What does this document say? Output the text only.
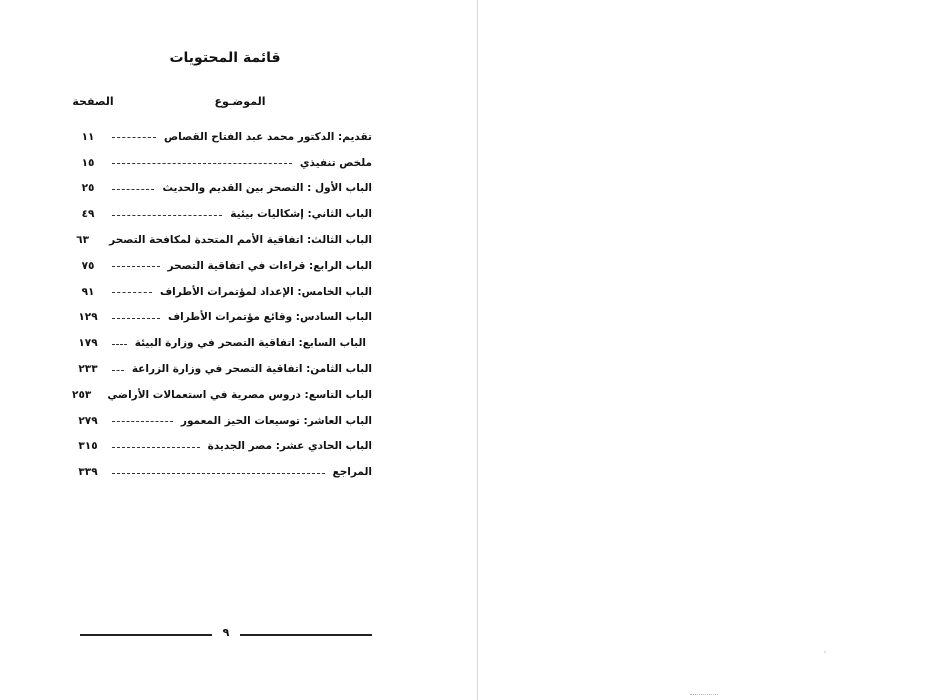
قائمة المحتويات
الموضـوع
الصفحة
تقديم: الدكتور محمد عبد الفتاح القصاص
١١
ملخص تنفيذي
١٥
الباب الأول : التصحر بين القديم والحديث
٢٥
الباب الثاني: إشكاليات بيئية
٤٩
الباب الثالث: اتفاقية الأمم المتحدة لمكافحة التصحر
٦٣
الباب الرابع: قراءات في اتفاقية التصحر
٧٥
الباب الخامس: الإعداد لمؤتمرات الأطراف
٩١
الباب السادس: وقائع مؤتمرات الأطراف
١٢٩
الباب السابع: اتفاقية التصحر في وزارة البيئة
١٧٩
الباب الثامن: اتفاقية التصحر في وزارة الزراعة
٢٣٣
الباب التاسع: دروس مصرية في استعمالات الأراضي
٢٥٣
الباب العاشر: توسيعات الحيز المعمور
٢٧٩
الباب الحادي عشر: مصر الجديدة
٣١٥
المراجع
٣٣٩
٩
